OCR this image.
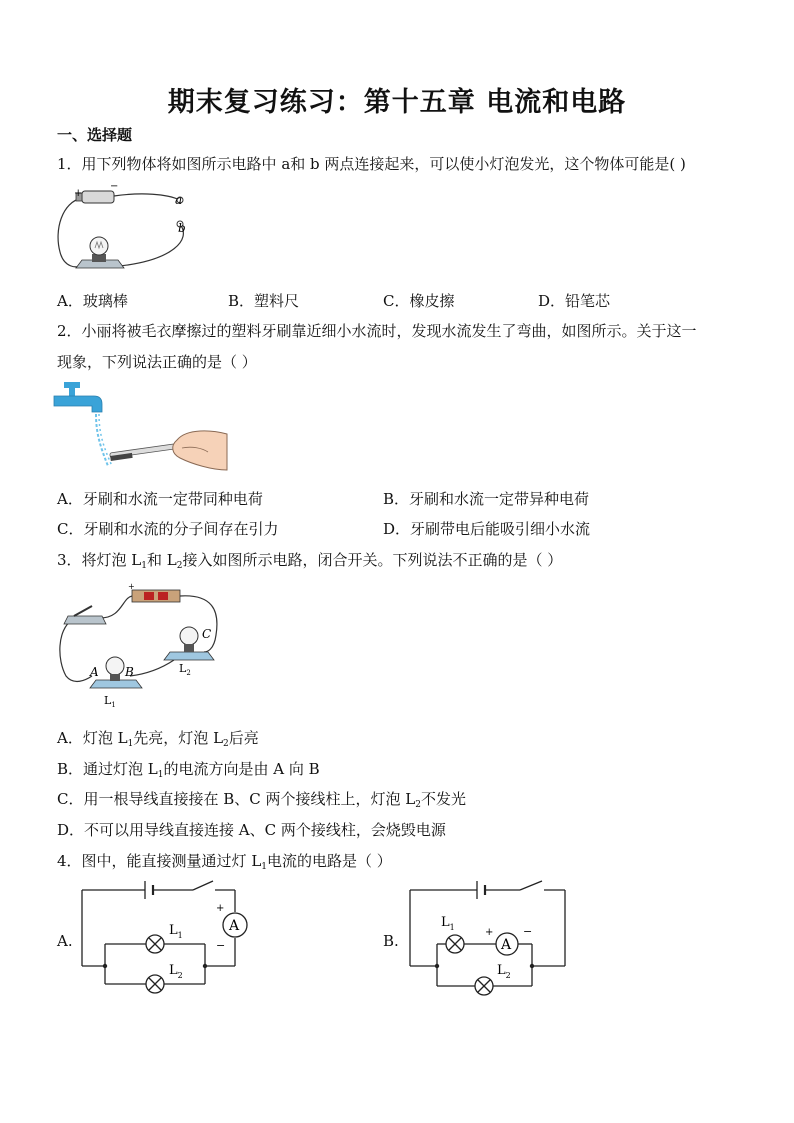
期末复习练习：第十五章 电流和电路
一、选择题
1．用下列物体将如图所示电路中 a和 b 两点连接起来，可以使小灯泡发光，这个物体可能是( )
+
−
a
b
A．玻璃棒	B．塑料尺	C．橡皮擦	D．铅笔芯
2．小丽将被毛衣摩擦过的塑料牙刷靠近细小水流时，发现水流发生了弯曲，如图所示。关于这一
现象，下列说法正确的是（ ）
A．牙刷和水流一定带同种电荷	B．牙刷和水流一定带异种电荷
C．牙刷和水流的分子间存在引力	D．牙刷带电后能吸引细小水流
3．将灯泡 $L_1$和 $L_2$接入如图所示电路，闭合开关。下列说法不正确的是（ ）
+
C
$L_2$
A B
$L_1$
A．灯泡 $L_1$先亮，灯泡 $L_2$后亮
B．通过灯泡 $L_1$的电流方向是由 A 向 B
C．用一根导线直接接在 B、C 两个接线柱上，灯泡 $L_2$不发光
D．不可以用导线直接连接 A、C 两个接线柱，会烧毁电源
4．图中，能直接测量通过灯 $L_1$电流的电路是（ ）
A.
A
+
−
$L_1$
$L_2$
B.	A
+	−
$L_1$
$L_2$
